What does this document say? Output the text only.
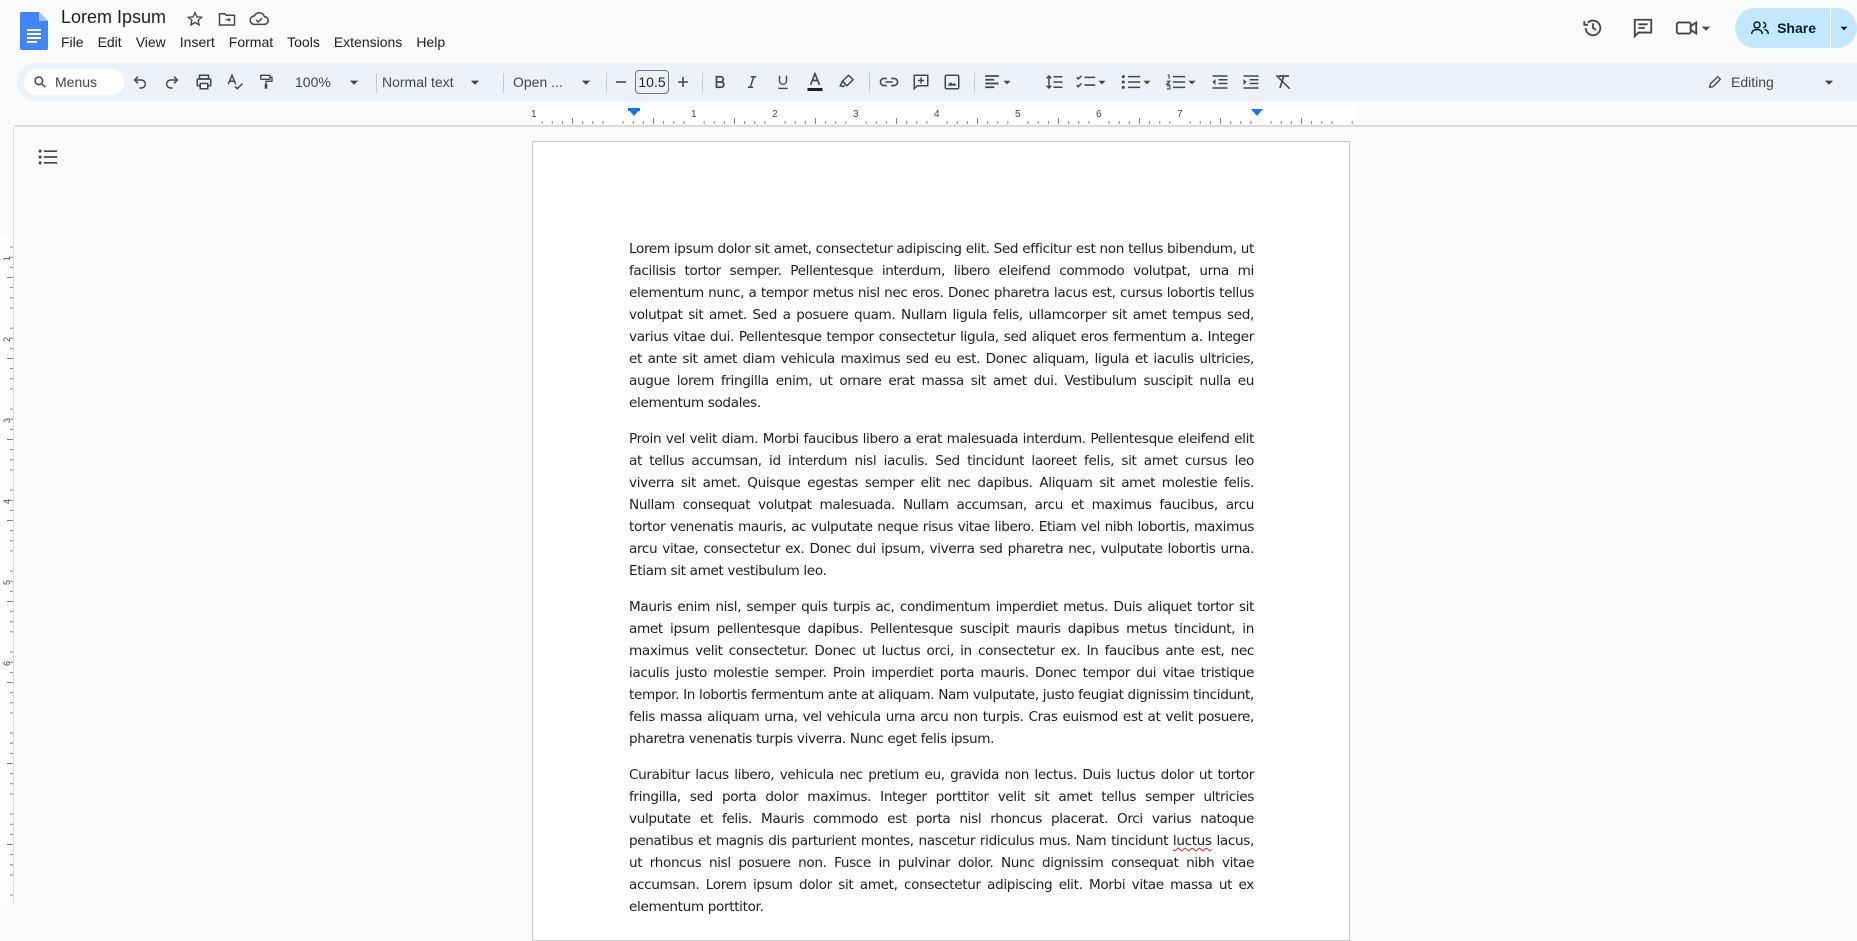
Lorem Ipsum
File	Edit	View	Insert	Format	Tools	Extensions	Help
Share
Menus	100%	Normal text	Open ...	10.5	Editing
1	1	2	3	4	5	6	7
1
2
3
4
5
6

Lorem ipsum dolor sit amet, consectetur adipiscing elit. Sed efficitur est non tellus bibendum, ut facilisis tortor semper. Pellentesque interdum, libero eleifend commodo volutpat, urna mi elementum nunc, a tempor metus nisl nec eros. Donec pharetra lacus est, cursus lobortis tellus volutpat sit amet. Sed a posuere quam. Nullam ligula felis, ullamcorper sit amet tempus sed, varius vitae dui. Pellentesque tempor consectetur ligula, sed aliquet eros fermentum a. Integer et ante sit amet diam vehicula maximus sed eu est. Donec aliquam, ligula et iaculis ultricies, augue lorem fringilla enim, ut ornare erat massa sit amet dui. Vestibulum suscipit nulla eu elementum sodales.

Proin vel velit diam. Morbi faucibus libero a erat malesuada interdum. Pellentesque eleifend elit at tellus accumsan, id interdum nisl iaculis. Sed tincidunt laoreet felis, sit amet cursus leo viverra sit amet. Quisque egestas semper elit nec dapibus. Aliquam sit amet molestie felis. Nullam consequat volutpat malesuada. Nullam accumsan, arcu et maximus faucibus, arcu tortor venenatis mauris, ac vulputate neque risus vitae libero. Etiam vel nibh lobortis, maximus arcu vitae, consectetur ex. Donec dui ipsum, viverra sed pharetra nec, vulputate lobortis urna. Etiam sit amet vestibulum leo.

Mauris enim nisl, semper quis turpis ac, condimentum imperdiet metus. Duis aliquet tortor sit amet ipsum pellentesque dapibus. Pellentesque suscipit mauris dapibus metus tincidunt, in maximus velit consectetur. Donec ut luctus orci, in consectetur ex. In faucibus ante est, nec iaculis justo molestie semper. Proin imperdiet porta mauris. Donec tempor dui vitae tristique tempor. In lobortis fermentum ante at aliquam. Nam vulputate, justo feugiat dignissim tincidunt, felis massa aliquam urna, vel vehicula urna arcu non turpis. Cras euismod est at velit posuere, pharetra venenatis turpis viverra. Nunc eget felis ipsum.

Curabitur lacus libero, vehicula nec pretium eu, gravida non lectus. Duis luctus dolor ut tortor fringilla, sed porta dolor maximus. Integer porttitor velit sit amet tellus semper ultricies vulputate et felis. Mauris commodo est porta nisl rhoncus placerat. Orci varius natoque penatibus et magnis dis parturient montes, nascetur ridiculus mus. Nam tincidunt luctus lacus, ut rhoncus nisl posuere non. Fusce in pulvinar dolor. Nunc dignissim consequat nibh vitae accumsan. Lorem ipsum dolor sit amet, consectetur adipiscing elit. Morbi vitae massa ut ex elementum porttitor.
